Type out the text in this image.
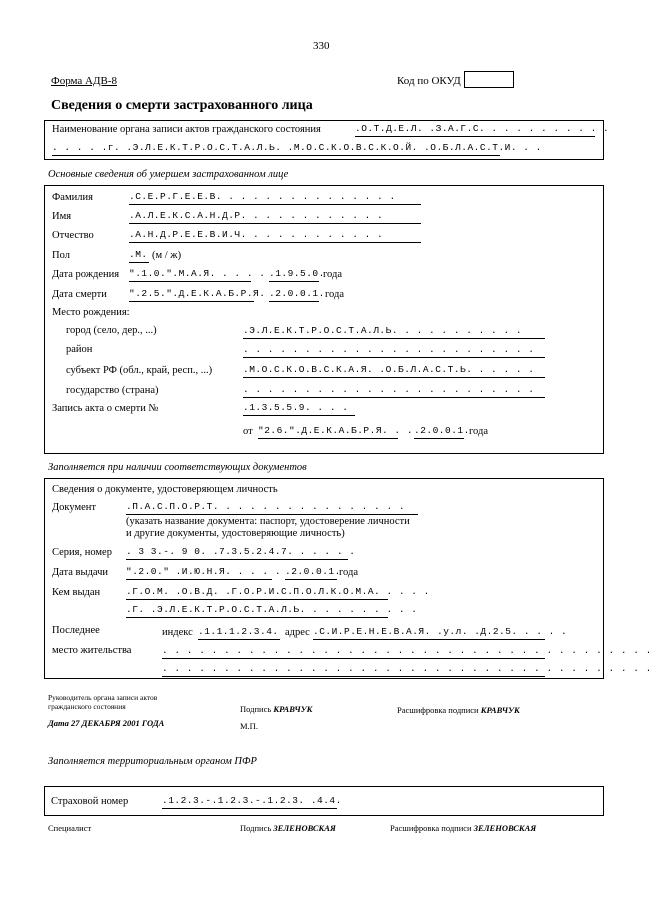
330
Форма АДВ-8	Код по ОКУД
Сведения о смерти застрахованного лица
Наименование органа записи актов гражданского состояния	.О.Т.Д.Е.Л. .З.А.Г.С. . . . . . . . . . .
. . . . .г. .Э.Л.Е.К.Т.Р.О.С.Т.А.Л.Ь. .М.О.С.К.О.В.С.К.О.Й. .О.Б.Л.А.С.Т.И. . .
Основные сведения об умершем застрахованном лице
Фамилия	.С.Е.Р.Г.Е.Е.В. . . . . . . . . . . . . . .
Имя	.А.Л.Е.К.С.А.Н.Д.Р. . . . . . . . . . . .
Отчество	.А.Н.Д.Р.Е.Е.В.И.Ч. . . . . . . . . . . .
Пол	.М. (м / ж)
Дата рождения ".1.0.".М.А.Я. . . . . .1.9.5.0.
года
Дата смерти ".2.5.".Д.Е.К.А.Б.Р.Я. .2.0.0.1. года
Место рождения:
город (село, дер., ...)	.Э.Л.Е.К.Т.Р.О.С.Т.А.Л.Ь. . . . . . . . . . .
район	. . . . . . . . . . . . . . . . . . . . . . . .
субъект РФ (обл., край, респ., ...)	.М.О.С.К.О.В.С.К.А.Я. .О.Б.Л.А.С.Т.Ь. . . . . .
государство (страна)	. . . . . . . . . . . . . . . . . . . . . . . .
Запись акта о смерти №	.1.3.5.5.9. . . .
от "2.6.".Д.Е.К.А.Б.Р.Я. . . .2.0.0.1. года
Заполняется при наличии соответствующих документов
Сведения о документе, удостоверяющем личность
Документ	.П.А.С.П.О.Р.Т. . . . . . . . . . . . . . . .
(указать название документа: паспорт, удостоверение личности
и другие документы, удостоверяющие личность)
Серия, номер . 3 3.-. 9 0. .7.3.5.2.4.7. . . . . .
Дата выдачи ".2.0." .И.Ю.Н.Я. . . . . .2.0.0.1.
года
Кем выдан	.Г.О.М. .О.В.Д. .Г.О.Р.И.С.П.О.Л.К.О.М.А. . . . .
.Г. .Э.Л.Е.К.Т.Р.О.С.Т.А.Л.Ь. . . . . . . . . .
Последнее
место жительства
индекс .1.1.1.2.3.4. адрес .С.И.Р.Е.Н.Е.В.А.Я. .у.л. .Д.2.5. . . . .
. . . . . . . . . . . . . . . . . . . . . . . . . . . . . . . . . . . . . . . .
. . . . . . . . . . . . . . . . . . . . . . . . . . . . . . . . . . . . . . . .
Руководитель органа записи актов
гражданского состояния
Дата 27 ДЕКАБРЯ 2001 ГОДА
Подпись КРАВЧУК
М.П.
Расшифровка подписи КРАВЧУК
Заполняется территориальным органом ПФР
Страховой номер	.1.2.3.-.1.2.3.-.1.2.3. .4.4.
Специалист	Подпись ЗЕЛЕНОВСКАЯ	Расшифровка подписи ЗЕЛЕНОВСКАЯ
